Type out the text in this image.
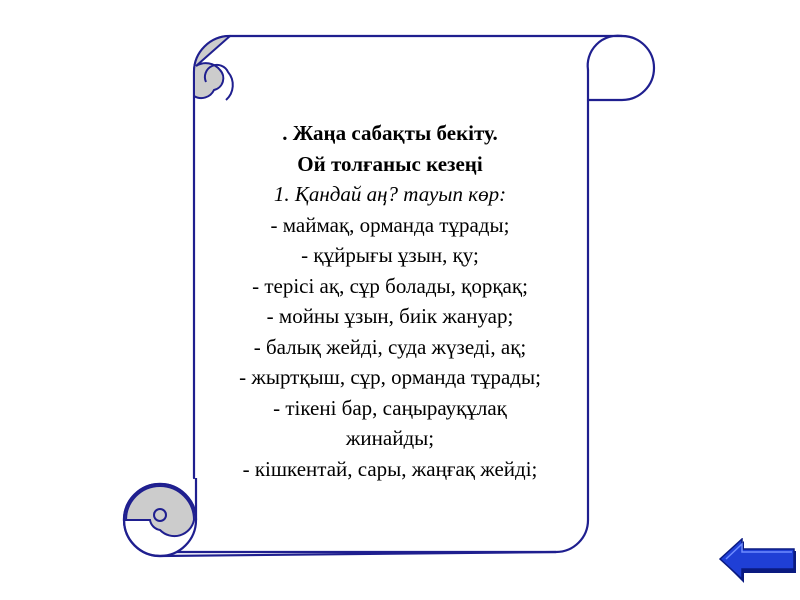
. Жаңа сабақты бекіту.
Ой толғаныс кезеңі
1. Қандай аң? тауып көр:
- маймақ, орманда тұрады;
- құйрығы ұзын, қу;
- терісі ақ, сұр болады, қорқақ;
- мойны ұзын, биік жануар;
- балық жейді, суда жүзеді, ақ;
- жыртқыш, сұр, орманда тұрады;
- тікені бар, саңырауқұлақ
жинайды;
- кішкентай, сары, жаңғақ жейді;
